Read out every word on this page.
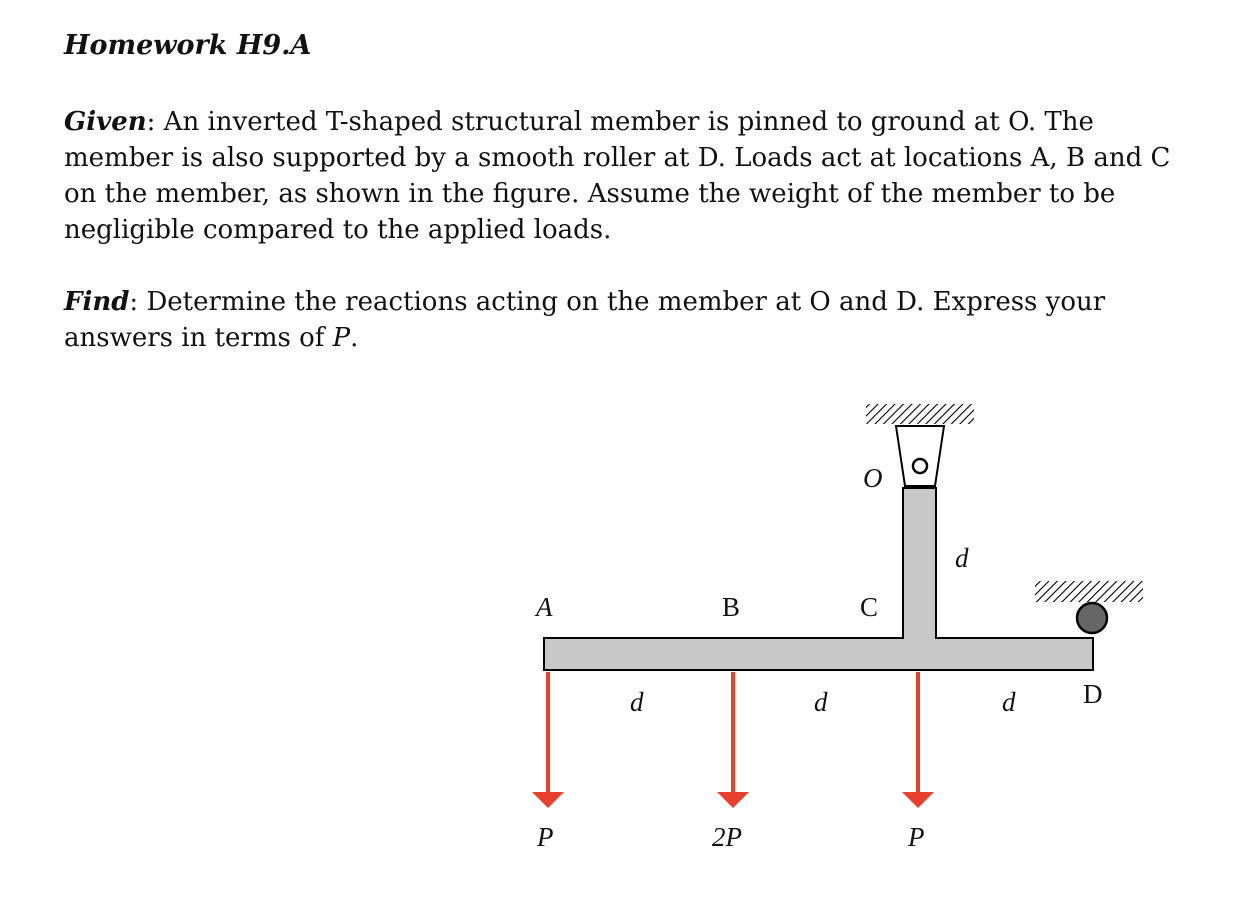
Homework H9.A
Given: An inverted T-shaped structural member is pinned to ground at O. The member is also supported by a smooth roller at D. Loads act at locations A, B and C on the member, as shown in the figure. Assume the weight of the member to be negligible compared to the applied loads.
Find: Determine the reactions acting on the member at O and D. Express your answers in terms of P.
O
A	B	C
D
d
d	d	d
P	2P	P
